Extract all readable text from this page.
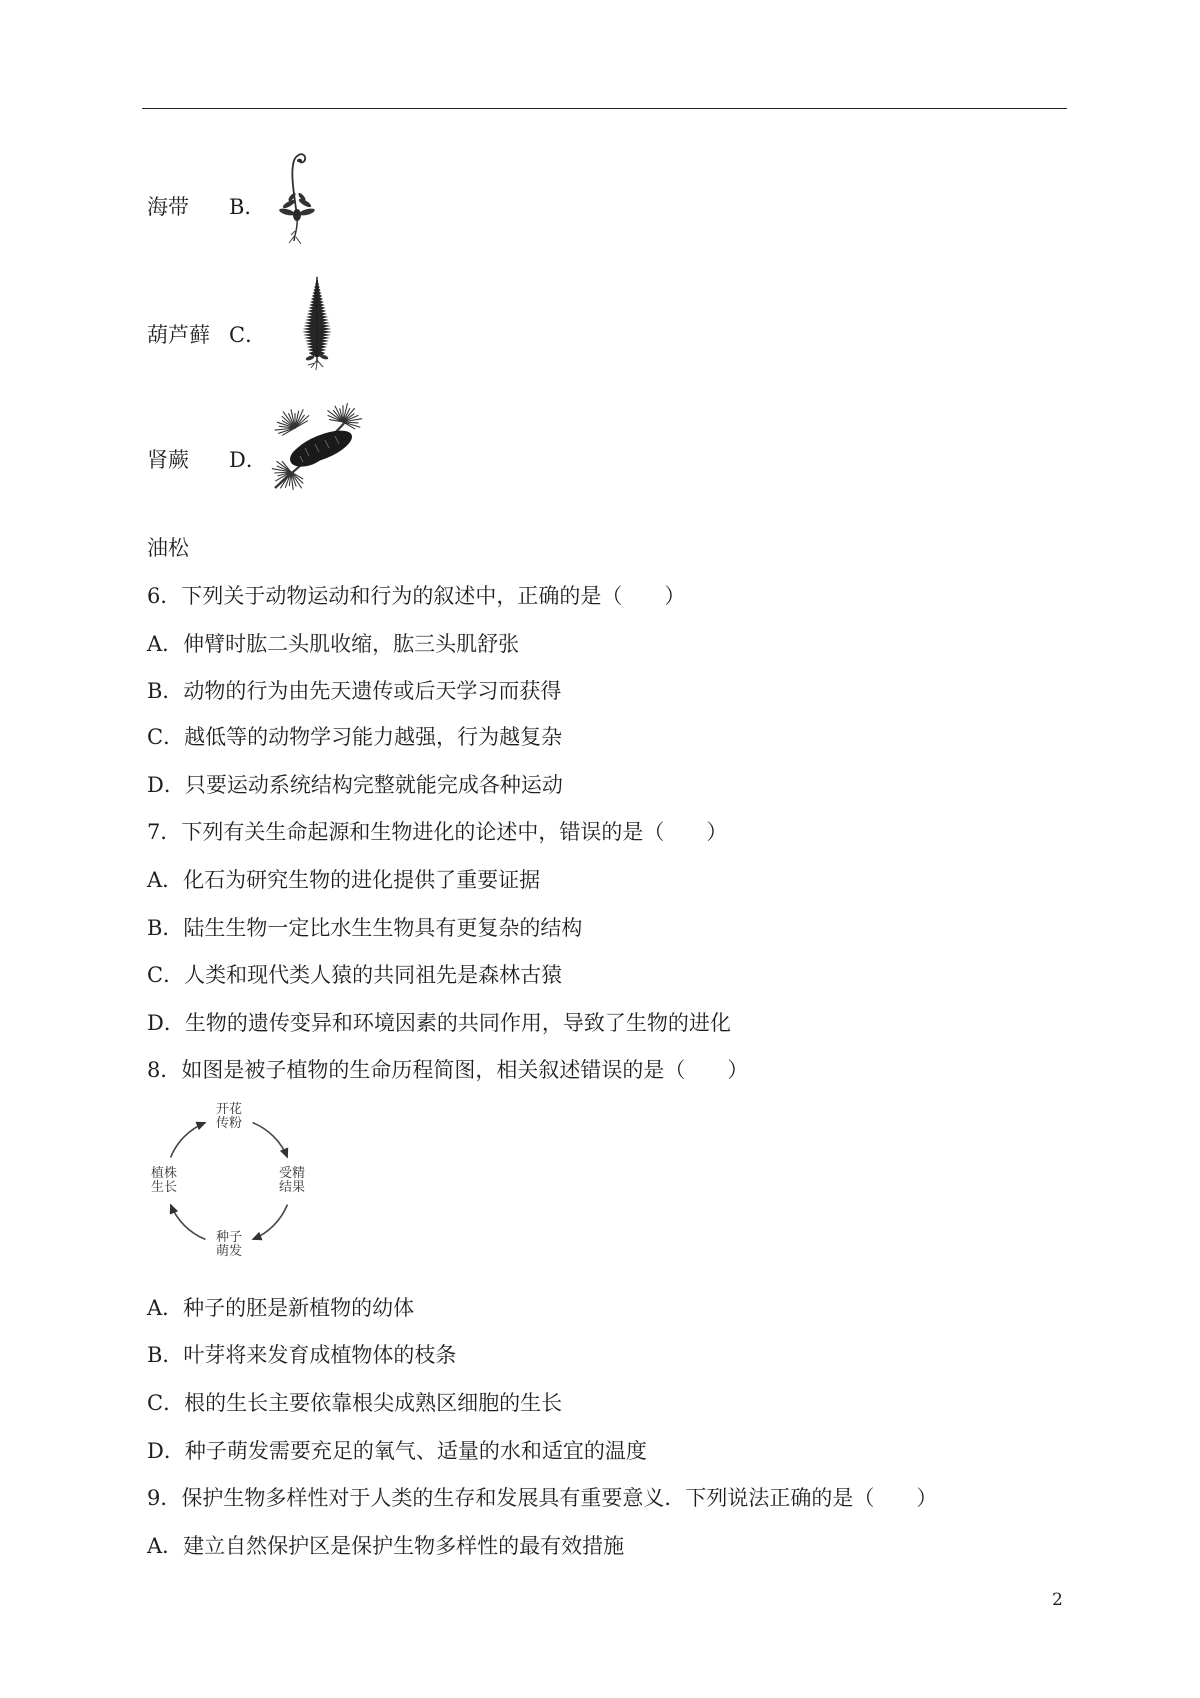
海带 B．
葫芦藓 C．
肾蕨 D．
油松
6．下列关于动物运动和行为的叙述中，正确的是（　　）
A．伸臂时肱二头肌收缩，肱三头肌舒张
B．动物的行为由先天遗传或后天学习而获得
C．越低等的动物学习能力越强，行为越复杂
D．只要运动系统结构完整就能完成各种运动
7．下列有关生命起源和生物进化的论述中，错误的是（　　）
A．化石为研究生物的进化提供了重要证据
B．陆生生物一定比水生生物具有更复杂的结构
C．人类和现代类人猿的共同祖先是森林古猿
D．生物的遗传变异和环境因素的共同作用，导致了生物的进化
8．如图是被子植物的生命历程简图，相关叙述错误的是（　　）
开花
传粉
受精
结果
种子
萌发
植株
生长
A．种子的胚是新植物的幼体
B．叶芽将来发育成植物体的枝条
C．根的生长主要依靠根尖成熟区细胞的生长
D．种子萌发需要充足的氧气、适量的水和适宜的温度
9．保护生物多样性对于人类的生存和发展具有重要意义．下列说法正确的是（　　）
A．建立自然保护区是保护生物多样性的最有效措施
2
